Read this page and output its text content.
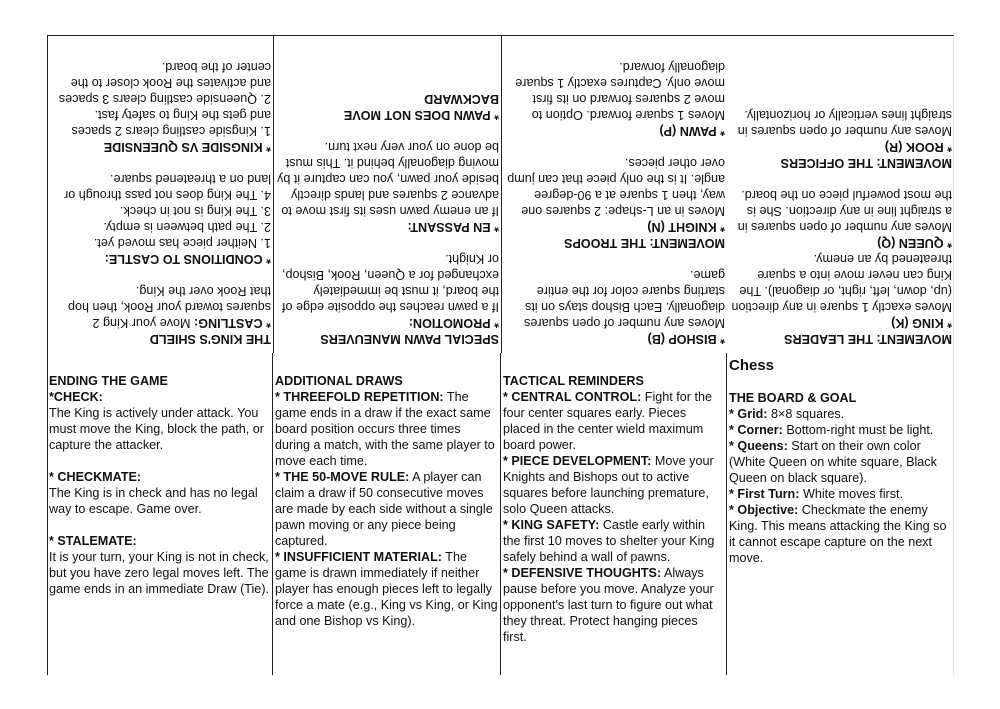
THE KING'S SHIELD

* CASTLING: Move your King 2 squares toward your Rook, then hop that Rook over the King.

* CONDITIONS TO CASTLE:

1. Neither piece has moved yet.

2. The path between is empty.

3. The King is not in check.

4. The King does not pass through or land on a threatened square.

* KINGSIDE VS QUEENSIDE

1. Kingside castling clears 2 spaces and gets the King to safety fast.

2. Queenside castling clears 3 spaces and activates the Rook closer to the center of the board.

SPECIAL PAWN MANEUVERS

* PROMOTION:

If a pawn reaches the opposite edge of the board, it must be immediately exchanged for a Queen, Rook, Bishop, or Knight.

* EN PASSANT:

If an enemy pawn uses its first move to advance 2 squares and lands directly beside your pawn, you can capture it by moving diagonally behind it. This must be done on your very next turn.

* PAWN DOES NOT MOVE BACKWARD

* BISHOP (B)

Moves any number of open squares diagonally. Each Bishop stays on its starting square color for the entire game.

MOVEMENT: THE TROOPS

* KNIGHT (N)

Moves in an L-shape: 2 squares one way, then 1 square at a 90-degree angle. It is the only piece that can jump over other pieces.

* PAWN (P)

Moves 1 square forward. Option to move 2 squares forward on its first move only. Captures exactly 1 square diagonally forward.

MOVEMENT: THE LEADERS

* KING (K)

Moves exactly 1 square in any direction (up, down, left, right, or diagonal). The King can never move into a square threatened by an enemy.

* QUEEN (Q)

Moves any number of open squares in a straight line in any direction. She is the most powerful piece on the board.

MOVEMENT: THE OFFICERS

* ROOK (R)

Moves any number of open squares in straight lines vertically or horizontally.

ENDING THE GAME

*CHECK:

The King is actively under attack. You must move the King, block the path, or capture the attacker.

* CHECKMATE:

The King is in check and has no legal way to escape. Game over.

* STALEMATE:

It is your turn, your King is not in check, but you have zero legal moves left. The game ends in an immediate Draw (Tie).

ADDITIONAL DRAWS

* THREEFOLD REPETITION: The game ends in a draw if the exact same board position occurs three times during a match, with the same player to move each time.

* THE 50-MOVE RULE: A player can claim a draw if 50 consecutive moves are made by each side without a single pawn moving or any piece being captured.

* INSUFFICIENT MATERIAL: The game is drawn immediately if neither player has enough pieces left to legally force a mate (e.g., King vs King, or King and one Bishop vs King).

TACTICAL REMINDERS

* CENTRAL CONTROL: Fight for the four center squares early. Pieces placed in the center wield maximum board power.

* PIECE DEVELOPMENT: Move your Knights and Bishops out to active squares before launching premature, solo Queen attacks.

* KING SAFETY: Castle early within the first 10 moves to shelter your King safely behind a wall of pawns.

* DEFENSIVE THOUGHTS: Always pause before you move. Analyze your opponent's last turn to figure out what they threat. Protect hanging pieces first.

Chess

THE BOARD & GOAL

* Grid: 8×8 squares.

* Corner: Bottom-right must be light.

* Queens: Start on their own color (White Queen on white square, Black Queen on black square).

* First Turn: White moves first.

* Objective: Checkmate the enemy King. This means attacking the King so it cannot escape capture on the next move.
